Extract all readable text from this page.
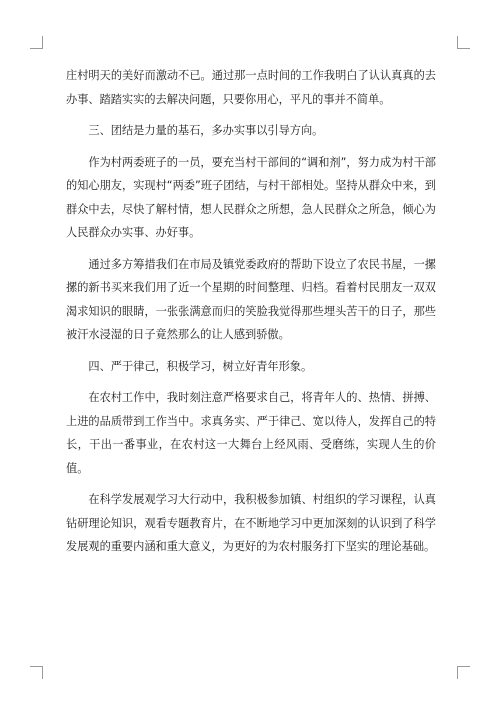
庄村明天的美好而激动不已。通过那一点时间的工作我明白了认认真真的去办事、踏踏实实的去解决问题，只要你用心，平凡的事并不简单。

三、团结是力量的基石，多办实事以引导方向。

作为村两委班子的一员，要充当村干部间的“调和剂”，努力成为村干部的知心朋友，实现村“两委”班子团结，与村干部相处。坚持从群众中来，到群众中去，尽快了解村情，想人民群众之所想，急人民群众之所急，倾心为人民群众办实事、办好事。

通过多方筹措我们在市局及镇党委政府的帮助下设立了农民书屋，一摞摞的新书买来我们用了近一个星期的时间整理、归档。看着村民朋友一双双渴求知识的眼睛，一张张满意而归的笑脸我觉得那些埋头苦干的日子，那些被汗水浸湿的日子竟然那么的让人感到骄傲。

四、严于律己，积极学习，树立好青年形象。

在农村工作中，我时刻注意严格要求自己，将青年人的、热情、拼搏、上进的品质带到工作当中。求真务实、严于律己、宽以待人，发挥自己的特长，干出一番事业，在农村这一大舞台上经风雨、受磨练，实现人生的价值。

在科学发展观学习大行动中，我积极参加镇、村组织的学习课程，认真钻研理论知识，观看专题教育片，在不断地学习中更加深刻的认识到了科学发展观的重要内涵和重大意义，为更好的为农村服务打下坚实的理论基础。
